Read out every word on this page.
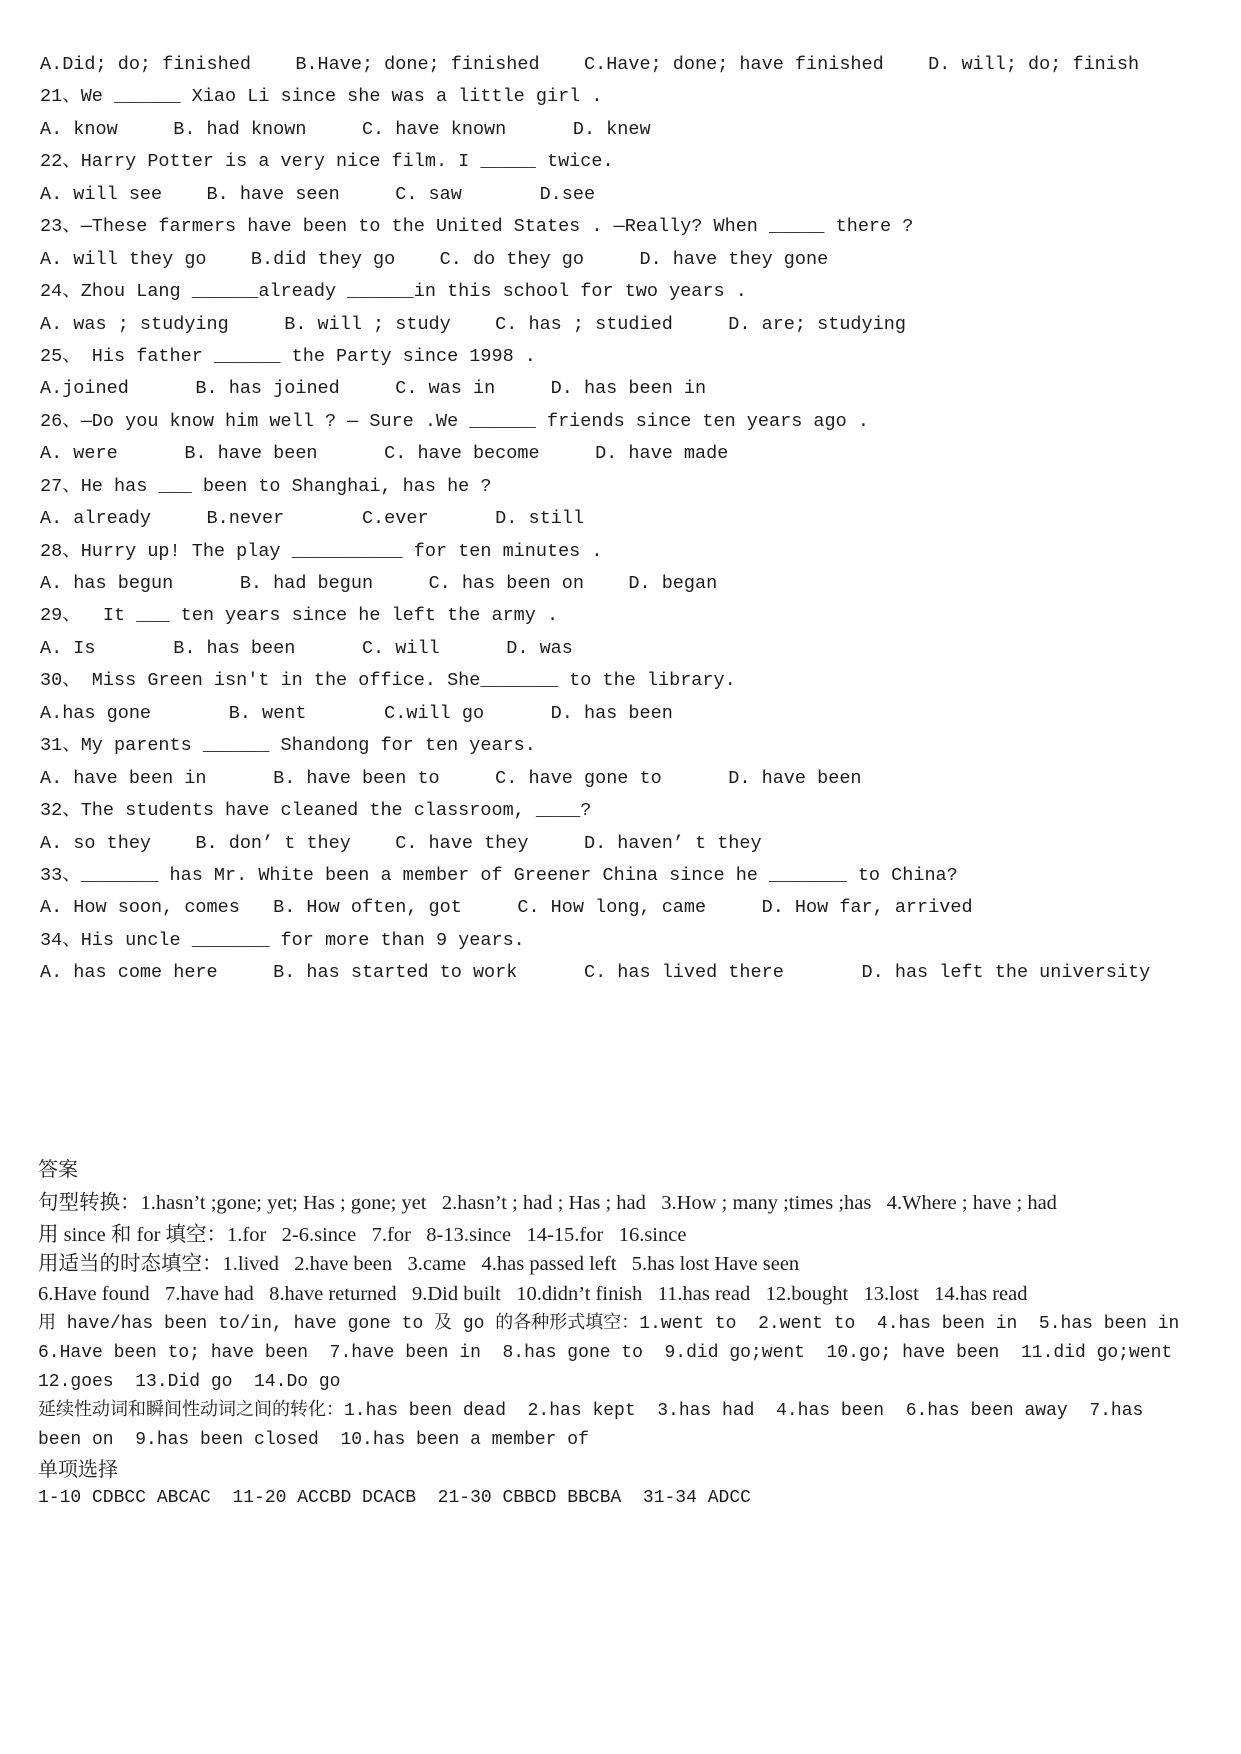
A.Did; do; finished

B.Have; done; finished

C.Have; done; have finished

D. will; do; finish

21、We ______ Xiao Li since she was a little girl .

A. know

	B. had known

	C. have known

	D. knew

22、Harry Potter is a very nice film. I _____ twice.

A. will see

B. have seen

	C. saw

	D.see

23、—These farmers have been to the United States . —Really? When _____ there ?

A. will they go

B.did they go

C. do they go

	D. have they gone

24、Zhou Lang ______already ______in this school for two years .

A. was ; studying

	B. will ; study

C. has ; studied

	D. are; studying

25、 His father ______ the Party since 1998 .

A.joined

	B. has joined

	C. was in

	D. has been in

26、—Do you know him well ? — Sure .We ______ friends since ten years ago .

A. were

	B. have been

	C. have become

	D. have made

27、He has ___ been to Shanghai, has he ?

A. already

	B.never

	C.ever

	D. still

28、Hurry up! The play __________ for ten minutes .

A. has begun

	B. had begun

	C. has been on

D. began

29、  It ___ ten years since he left the army .

A. Is

	B. has been

	C. will

	D. was

30、 Miss Green isn't in the office. She_______ to the library.

A.has gone

	B. went

	C.will go

	D. has been

31、My parents ______ Shandong for ten years.

A. have been in

	B. have been to

	C. have gone to

	D. have been

32、The students have cleaned the classroom, ____?

A. so they

B. don’ t they

C. have they

	D. haven’ t they

33、_______ has Mr. White been a member of Greener China since he _______ to China?

A. How soon, comes

B. How often, got

	C. How long, came

	D. How far, arrived

34、His uncle _______ for more than 9 years.

A. has come here

	B. has started to work

	C. has lived there

	D. has left the university

答案
句型转换：1.hasn’t ;gone; yet; Has ; gone; yet   2.hasn’t ; had ; Has ; had   3.How ; many ;times ;has   4.Where ; have ; had
用 since 和 for 填空：1.for   2-6.since   7.for   8-13.since   14-15.for   16.since
用适当的时态填空：1.lived   2.have been   3.came   4.has passed left   5.has lost Have seen
6.Have found   7.have had   8.have returned   9.Did built   10.didn’t finish   11.has read   12.bought   13.lost   14.has read
用 have/has been to/in, have gone to 及 go 的各种形式填空：1.went to  2.went to  4.has been in  5.has been in
6.Have been to; have been  7.have been in  8.has gone to  9.did go;went  10.go; have been  11.did go;went
12.goes  13.Did go  14.Do go
延续性动词和瞬间性动词之间的转化：1.has been dead  2.has kept  3.has had  4.has been  6.has been away  7.has
been on  9.has been closed  10.has been a member of
单项选择
1-10 CDBCC ABCAC  11-20 ACCBD DCACB  21-30 CBBCD BBCBA  31-34 ADCC
